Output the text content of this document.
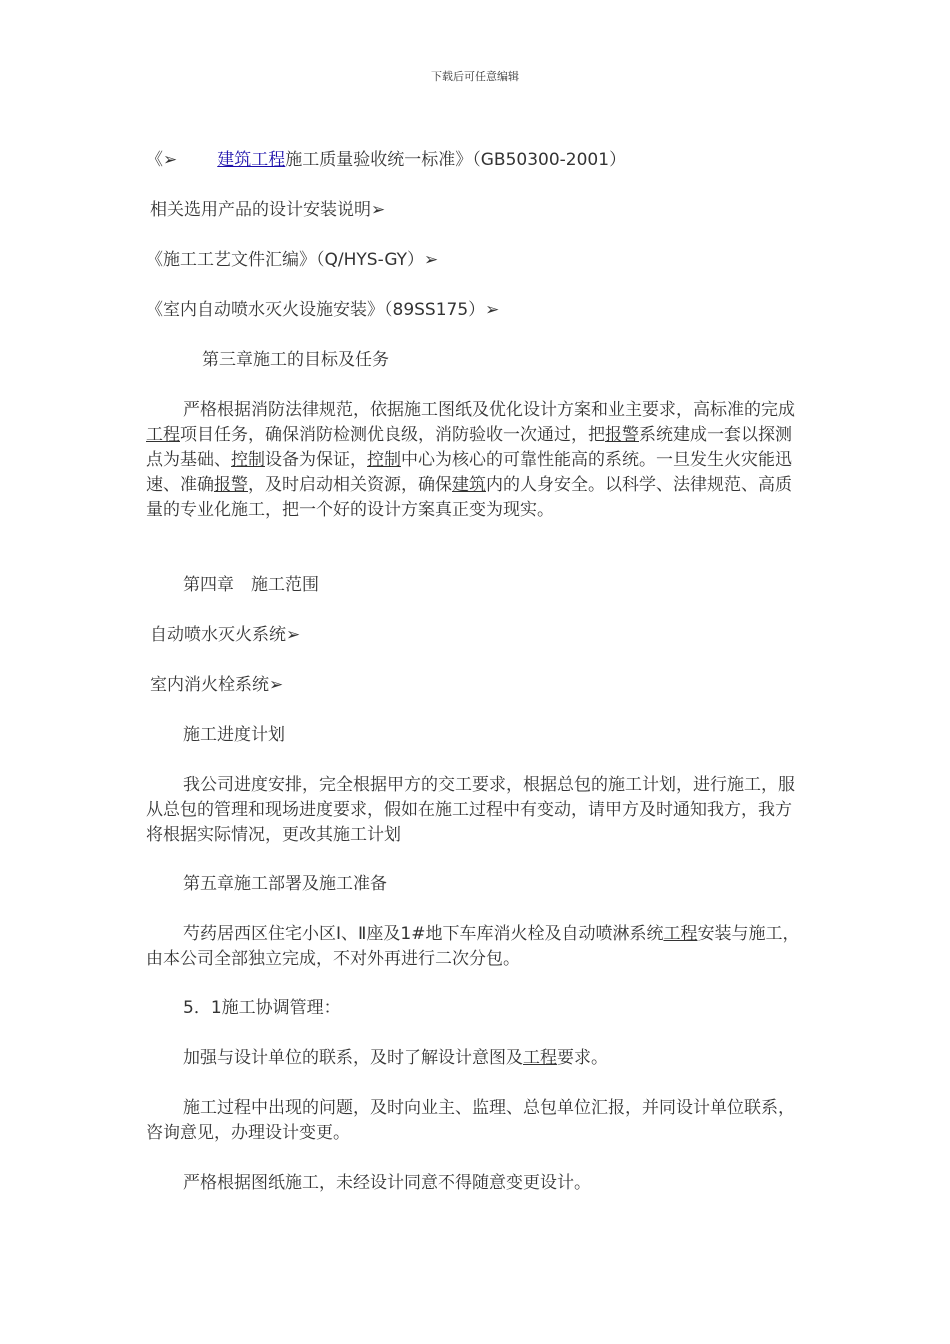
下载后可任意编辑

《➢ 建筑工程施工质量验收统一标准》（GB50300-2001）

相关选用产品的设计安装说明➢

《施工工艺文件汇编》（Q/HYS-GY）➢

《室内自动喷水灭火设施安装》（89SS175）➢

第三章施工的目标及任务

严格根据消防法律规范，依据施工图纸及优化设计方案和业主要求，高标准的完成工程项目任务，确保消防检测优良级，消防验收一次通过，把报警系统建成一套以探测点为基础、控制设备为保证，控制中心为核心的可靠性能高的系统。一旦发生火灾能迅速、准确报警，及时启动相关资源，确保建筑内的人身安全。以科学、法律规范、高质量的专业化施工，把一个好的设计方案真正变为现实。

第四章　施工范围

自动喷水灭火系统➢

室内消火栓系统➢

施工进度计划

我公司进度安排，完全根据甲方的交工要求，根据总包的施工计划，进行施工，服从总包的管理和现场进度要求，假如在施工过程中有变动，请甲方及时通知我方，我方将根据实际情况，更改其施工计划

第五章施工部署及施工准备

芍药居西区住宅小区Ⅰ、Ⅱ座及1#地下车库消火栓及自动喷淋系统工程安装与施工，由本公司全部独立完成，不对外再进行二次分包。

5．1施工协调管理：

加强与设计单位的联系，及时了解设计意图及工程要求。

施工过程中出现的问题，及时向业主、监理、总包单位汇报，并同设计单位联系，咨询意见，办理设计变更。

严格根据图纸施工，未经设计同意不得随意变更设计。
